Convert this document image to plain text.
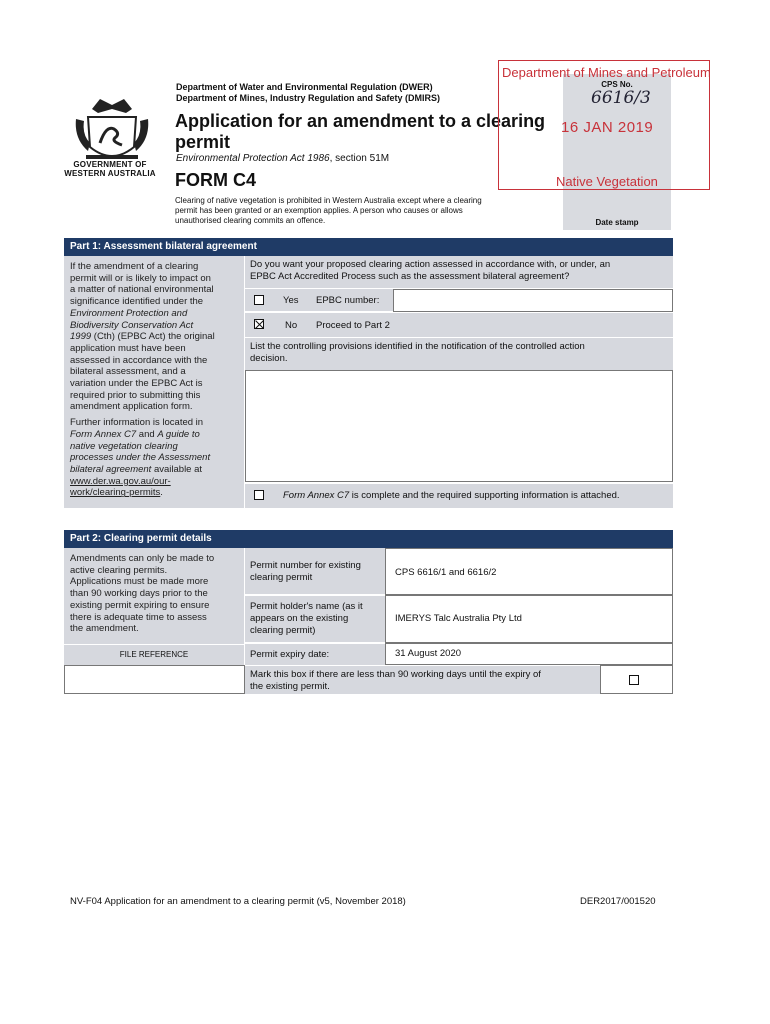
GOVERNMENT OF
WESTERN AUSTRALIA
Department of Water and Environmental Regulation (DWER)
Department of Mines, Industry Regulation and Safety (DMIRS)
Application for an amendment to a clearing
permit
Environmental Protection Act 1986, section 51M
FORM C4
Clearing of native vegetation is prohibited in Western Australia except where a clearing
permit has been granted or an exemption applies. A person who causes or allows
unauthorised clearing commits an offence.
CPS No.
6616/3
Date stamp
Department of Mines and Petroleum
16 JAN 2019
Native Vegetation
Part 1: Assessment bilateral agreement
If the amendment of a clearing
permit will or is likely to impact on
a matter of national environmental
significance identified under the
Environment Protection and
Biodiversity Conservation Act
1999 (Cth) (EPBC Act) the original
application must have been
assessed in accordance with the
bilateral assessment, and a
variation under the EPBC Act is
required prior to submitting this
amendment application form.
Further information is located in
Form Annex C7 and A guide to
native vegetation clearing
processes under the Assessment
bilateral agreement available at
www.der.wa.gov.au/our-
work/clearing-permits.
Do you want your proposed clearing action assessed in accordance with, or under, an
EPBC Act Accredited Process such as the assessment bilateral agreement?
Yes EPBC number:
No Proceed to Part 2
List the controlling provisions identified in the notification of the controlled action
decision.
Form Annex C7 is complete and the required supporting information is attached.
Part 2: Clearing permit details
Amendments can only be made to
active clearing permits.
Applications must be made more
than 90 working days prior to the
existing permit expiring to ensure
there is adequate time to assess
the amendment.
FILE REFERENCE
Permit number for existing
clearing permit	CPS 6616/1 and 6616/2
Permit holder's name (as it
appears on the existing
clearing permit)
IMERYS Talc Australia Pty Ltd
Permit expiry date:	31 August 2020
Mark this box if there are less than 90 working days until the expiry of
the existing permit.
NV-F04 Application for an amendment to a clearing permit (v5, November 2018)	DER2017/001520
